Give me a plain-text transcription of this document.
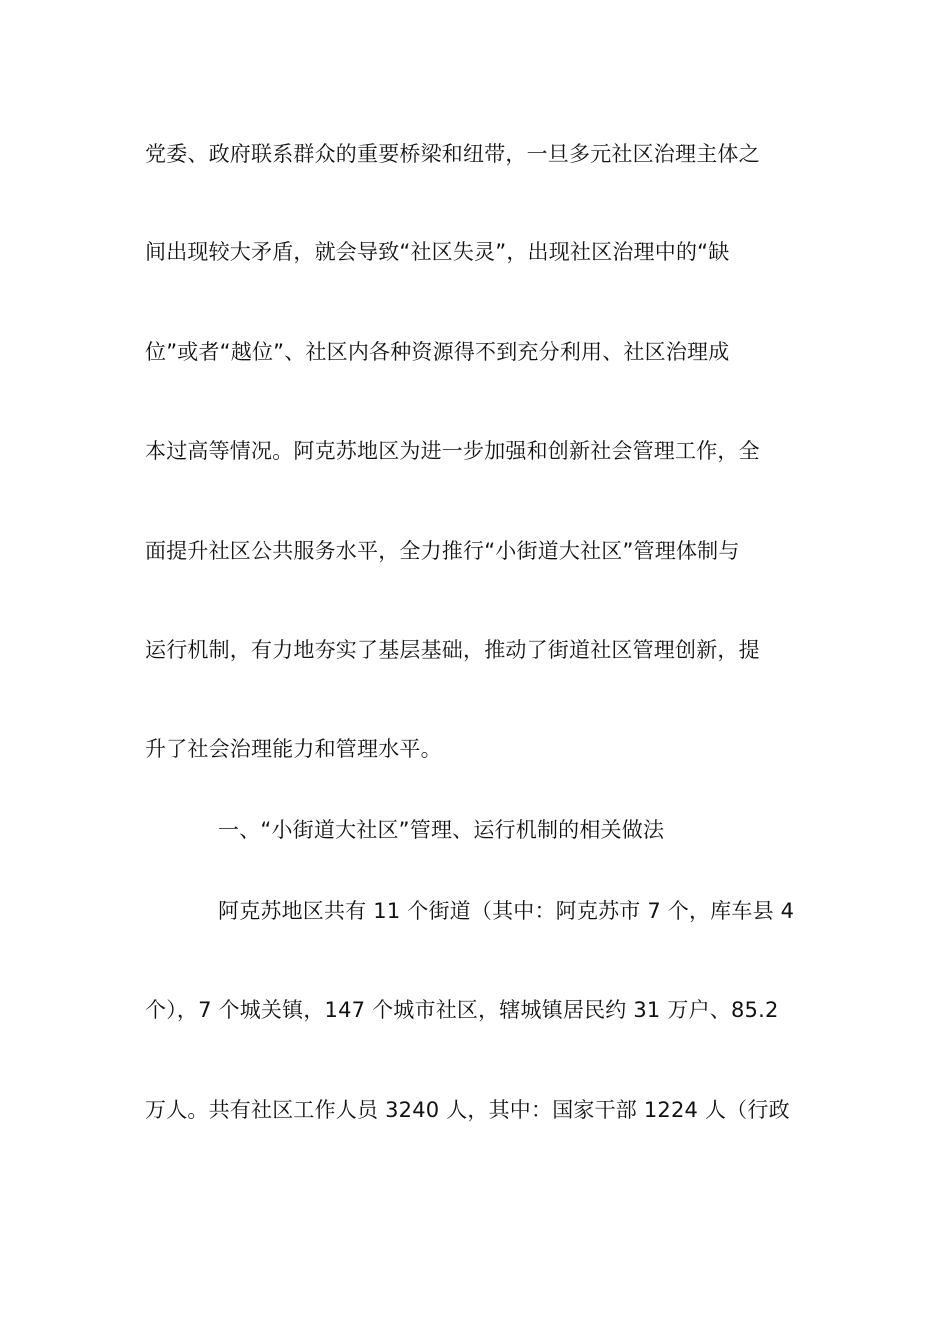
党委、政府联系群众的重要桥梁和纽带，一旦多元社区治理主体之
间出现较大矛盾，就会导致“社区失灵”，出现社区治理中的“缺
位”或者“越位”、社区内各种资源得不到充分利用、社区治理成
本过高等情况。阿克苏地区为进一步加强和创新社会管理工作，全
面提升社区公共服务水平，全力推行“小街道大社区”管理体制与
运行机制，有力地夯实了基层基础，推动了街道社区管理创新，提
升了社会治理能力和管理水平。
一、“小街道大社区”管理、运行机制的相关做法
阿克苏地区共有 11 个街道（其中：阿克苏市 7 个，库车县 4
个），7 个城关镇，147 个城市社区，辖城镇居民约 31 万户、85.2
万人。共有社区工作人员 3240 人，其中：国家干部 1224 人（行政
